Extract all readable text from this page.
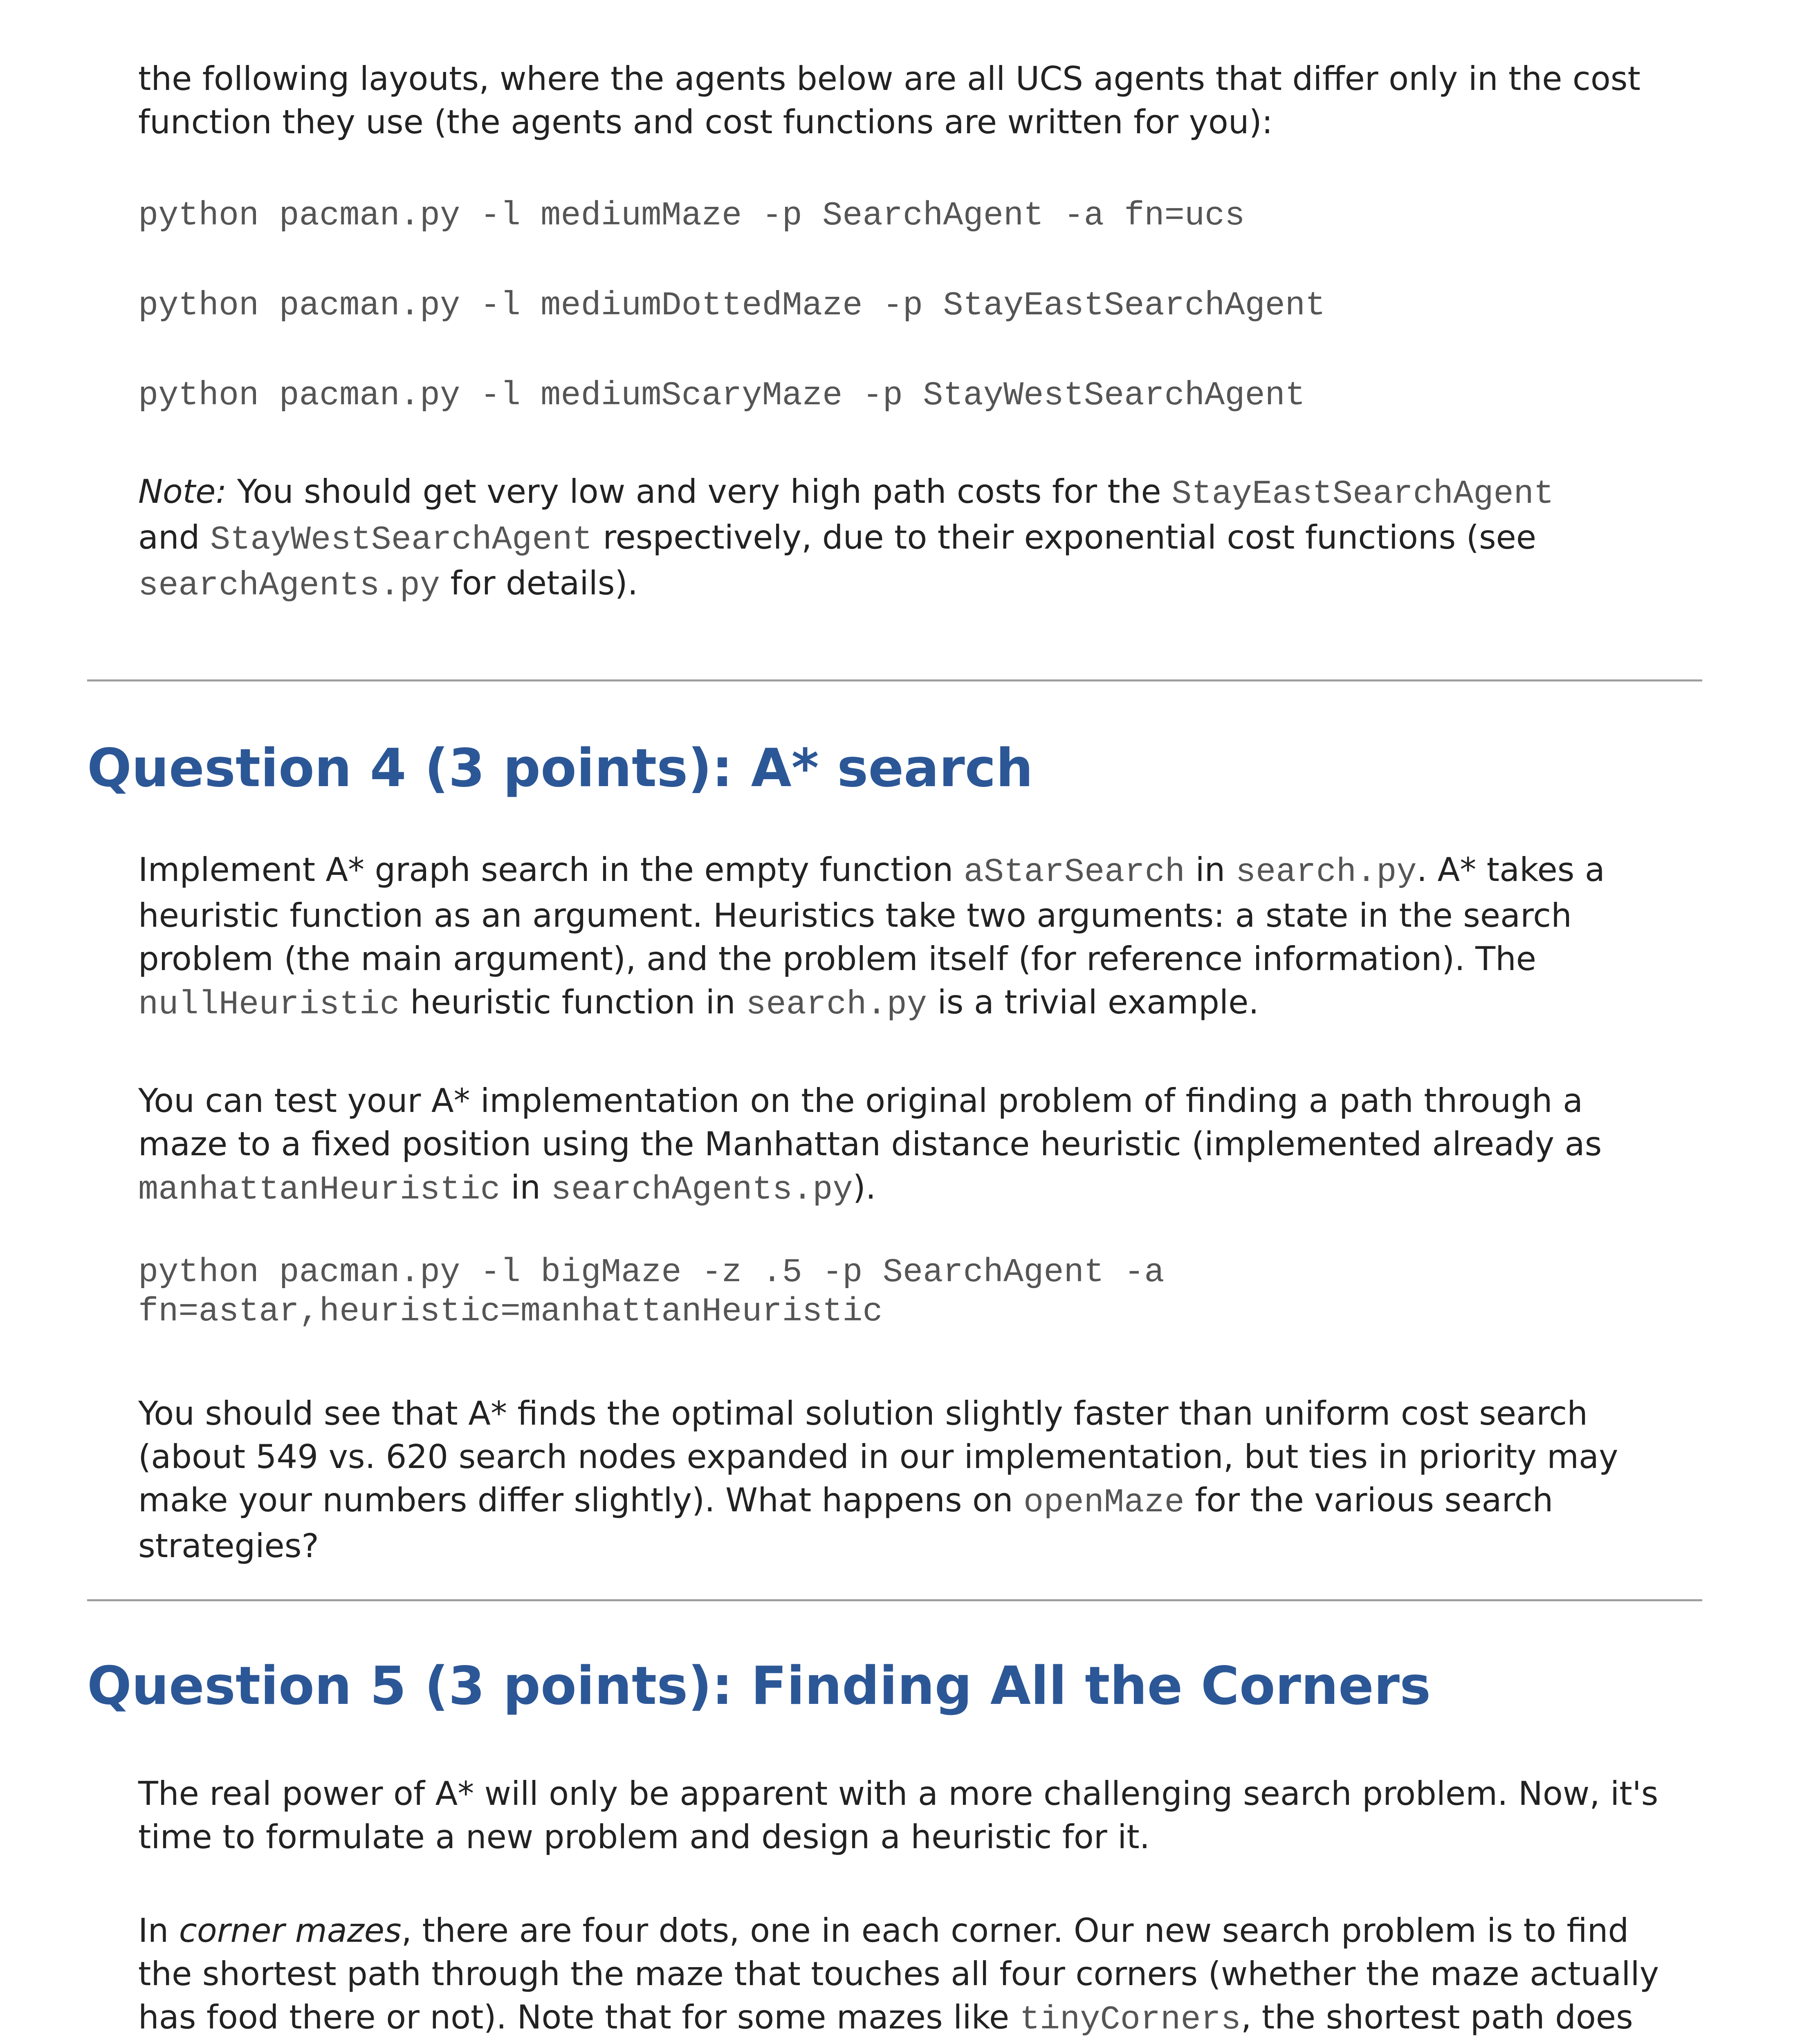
the following layouts, where the agents below are all UCS agents that differ only in the cost function they use (the agents and cost functions are written for you):

python pacman.py -l mediumMaze -p SearchAgent -a fn=ucs

python pacman.py -l mediumDottedMaze -p StayEastSearchAgent

python pacman.py -l mediumScaryMaze -p StayWestSearchAgent

Note: You should get very low and very high path costs for the StayEastSearchAgent and StayWestSearchAgent respectively, due to their exponential cost functions (see searchAgents.py for details).

Question 4 (3 points): A* search

Implement A* graph search in the empty function aStarSearch in search.py. A* takes a heuristic function as an argument. Heuristics take two arguments: a state in the search problem (the main argument), and the problem itself (for reference information). The nullHeuristic heuristic function in search.py is a trivial example.

You can test your A* implementation on the original problem of finding a path through a maze to a fixed position using the Manhattan distance heuristic (implemented already as manhattanHeuristic in searchAgents.py).

python pacman.py -l bigMaze -z .5 -p SearchAgent -a fn=astar,heuristic=manhattanHeuristic

You should see that A* finds the optimal solution slightly faster than uniform cost search (about 549 vs. 620 search nodes expanded in our implementation, but ties in priority may make your numbers differ slightly). What happens on openMaze for the various search strategies?

Question 5 (3 points): Finding All the Corners

The real power of A* will only be apparent with a more challenging search problem. Now, it's time to formulate a new problem and design a heuristic for it.

In corner mazes, there are four dots, one in each corner. Our new search problem is to find the shortest path through the maze that touches all four corners (whether the maze actually has food there or not). Note that for some mazes like tinyCorners, the shortest path does
